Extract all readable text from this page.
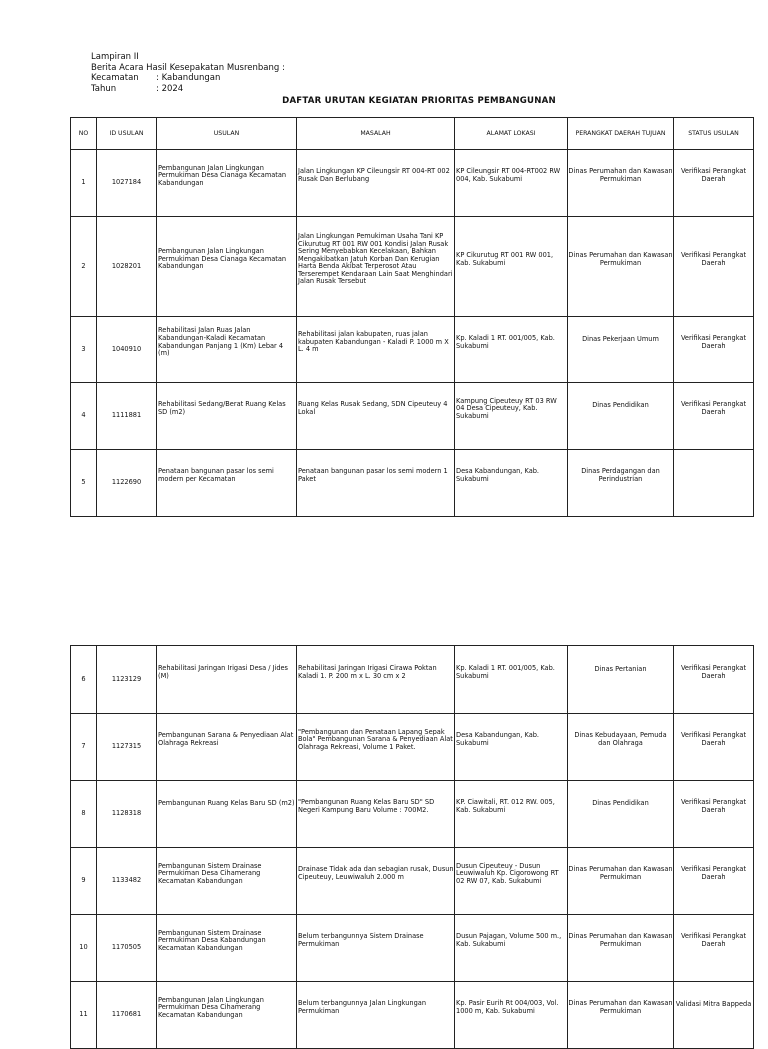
Lampiran II
Berita Acara Hasil Kesepakatan Musrenbang :
Kecamatan	: Kabandungan
Tahun	: 2024
DAFTAR URUTAN KEGIATAN PRIORITAS PEMBANGUNAN
NO	ID USULAN	USULAN	MASALAH	ALAMAT LOKASI	PERANGKAT DAERAH TUJUAN	STATUS USULAN

1	1027184	Pembangunan Jalan Lingkungan Permukiman Desa Cianaga Kecamatan Kabandungan	Jalan Lingkungan KP Cileungsir RT 004-RT 002 Rusak Dan Berlubang	KP Cileungsir RT 004-RT002 RW 004, Kab. Sukabumi	Dinas Perumahan dan Kawasan Permukiman	Verifikasi Perangkat Daerah

2	1028201	Pembangunan Jalan Lingkungan Permukiman Desa Cianaga Kecamatan Kabandungan	Jalan Lingkungan Pemukiman Usaha Tani KP Cikurutug RT 001 RW 001 Kondisi Jalan Rusak Sering Menyebabkan Kecelakaan, Bahkan Mengakibatkan Jatuh Korban Dan Kerugian Harta Benda Akibat Terperosot Atau Terserempet Kendaraan Lain Saat Menghindari Jalan Rusak Tersebut	KP Cikurutug RT 001 RW 001, Kab. Sukabumi	Dinas Perumahan dan Kawasan Permukiman	Verifikasi Perangkat Daerah

3	1040910	Rehabilitasi Jalan Ruas Jalan Kabandungan-Kaladi Kecamatan Kabandungan Panjang 1 (Km) Lebar 4 (m)	Rehabilitasi jalan kabupaten, ruas jalan kabupaten Kabandungan - Kaladi P. 1000 m X L. 4 m	Kp. Kaladi 1 RT. 001/005, Kab. Sukabumi	Dinas Pekerjaan Umum	Verifikasi Perangkat Daerah

4	1111881	Rehabilitasi Sedang/Berat Ruang Kelas SD (m2)	Ruang Kelas Rusak Sedang, SDN Cipeuteuy 4 Lokal	Kampung Cipeuteuy RT 03 RW 04 Desa Cipeuteuy, Kab. Sukabumi	Dinas Pendidikan	Verifikasi Perangkat Daerah

5	1122690	Penataan bangunan pasar los semi modern per Kecamatan	Penataan bangunan pasar los semi modern 1 Paket	Desa Kabandungan, Kab. Sukabumi	Dinas Perdagangan dan Perindustrian	

6	1123129	Rehabilitasi Jaringan Irigasi Desa / Jides (M)	Rehabilitasi Jaringan Irigasi Cirawa Poktan Kaladi 1. P. 200 m x L. 30 cm x 2	Kp. Kaladi 1 RT. 001/005, Kab. Sukabumi	Dinas Pertanian	Verifikasi Perangkat Daerah

7	1127315	Pembangunan Sarana & Penyediaan Alat Olahraga Rekreasi	"Pembangunan dan Penataan Lapang Sepak Bola" Pembangunan Sarana & Penyediaan Alat Olahraga Rekreasi, Volume 1 Paket.	Desa Kabandungan, Kab. Sukabumi	Dinas Kebudayaan, Pemuda dan Olahraga	Verifikasi Perangkat Daerah

8	1128318	Pembangunan Ruang Kelas Baru SD (m2)	"Pembangunan Ruang Kelas Baru SD" SD Negeri Kampung Baru Volume : 700M2.	KP. Ciawitali, RT. 012 RW. 005, Kab. Sukabumi	Dinas Pendidikan	Verifikasi Perangkat Daerah

9	1133482	Pembangunan Sistem Drainase Permukiman Desa Cihamerang Kecamatan Kabandungan	Drainase Tidak ada dan sebagian rusak, Dusun Cipeuteuy, Leuwiwaluh 2.000 m	Dusun Cipeuteuy - Dusun Leuwiwaluh Kp. Cigorowong RT 02 RW 07, Kab. Sukabumi	Dinas Perumahan dan Kawasan Permukiman	Verifikasi Perangkat Daerah

10	1170505	Pembangunan Sistem Drainase Permukiman Desa Kabandungan Kecamatan Kabandungan	Belum terbangunnya Sistem Drainase Permukiman	Dusun Pajagan, Volume 500 m., Kab. Sukabumi	Dinas Perumahan dan Kawasan Permukiman	Verifikasi Perangkat Daerah

11	1170681	Pembangunan Jalan Lingkungan Permukiman Desa Cihamerang Kecamatan Kabandungan	Belum terbangunnya Jalan Lingkungan Permukiman	Kp. Pasir Eurih Rt 004/003, Vol. 1000 m, Kab. Sukabumi	Dinas Perumahan dan Kawasan Permukiman	Validasi Mitra Bappeda
